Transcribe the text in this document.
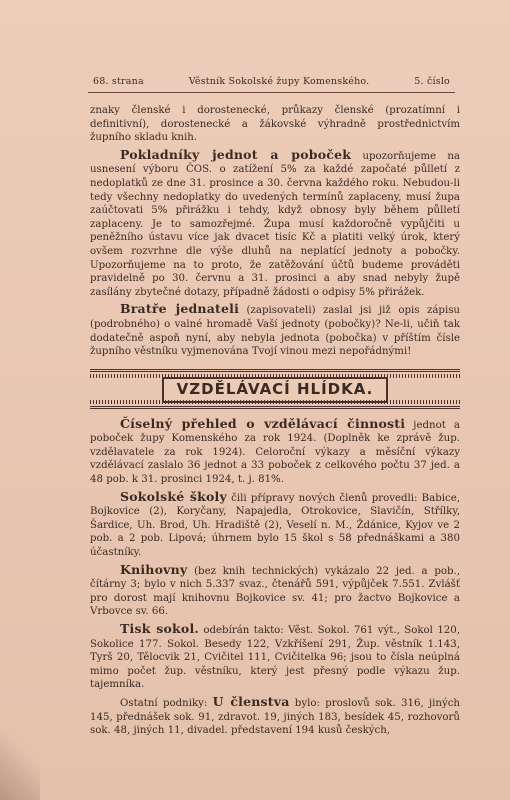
68. strana	Věstník Sokolské župy Komenského.	5. číslo

znaky členské i dorostenecké, průkazy členské (prozatímní i definitivní), dorostenecké a žákovské výhradně prostřednictvím župního skladu knih.

Pokladníky jednot a poboček upozorňujeme na usnesení výboru ČOS. o zatížení 5% za každé započaté půlletí z nedoplatků ze dne 31. prosince a 30. června každého roku. Nebudou-li tedy všechny nedoplatky do uvedených termínů zaplaceny, musí župa zaúčtovati 5% přirážku i tehdy, když obnosy byly během půlletí zaplaceny. Je to samozřejmé. Župa musí každoročně vypůjčiti u peněžního ústavu více jak dvacet tisíc Kč a platiti velký úrok, který ovšem rozvrhne dle výše dluhů na neplatící jednoty a pobočky. Upozorňujeme na to proto, že zatěžování účtů budeme prováděti pravidelně po 30. červnu a 31. prosinci a aby snad nebyly župě zasílány zbytečné dotazy, případně žádosti o odpisy 5% přirážek.

Bratře jednateli (zapisovateli) zaslal jsi již opis zápisu (podrobného) o valné hromadě Vaší jednoty (pobočky)? Ne-li, učiň tak dodatečně aspoň nyní, aby nebyla jednota (pobočka) v příštím čísle župního věstníku vyjmenována Tvojí vinou mezi nepořádnými!

VZDĚLÁVACÍ HLÍDKA.

Číselný přehled o vzdělávací činnosti jednot a poboček župy Komenského za rok 1924. (Doplněk ke zprávě žup. vzdělavatele za rok 1924). Celoroční výkazy a měsíční výkazy vzdělávací zaslalo 36 jednot a 33 poboček z celkového počtu 37 jed. a 48 pob. k 31. prosinci 1924, t. j. 81%.

Sokolské školy čili přípravy nových členů provedli: Babice, Bojkovice (2), Koryčany, Napajedla, Otrokovice, Slavičín, Střílky, Šardice, Uh. Brod, Uh. Hradiště (2), Veselí n. M., Ždánice, Kyjov ve 2 pob. a 2 pob. Lipová; úhrnem bylo 15 škol s 58 přednáškami a 380 účastníky.

Knihovny (bez knih technických) vykázalo 22 jed. a pob., čítárny 3; bylo v nich 5.337 svaz., čtenářů 591, výpůjček 7.551. Zvlášť pro dorost mají knihovnu Bojkovice sv. 41; pro žactvo Bojkovice a Vrbovce sv. 66.

Tisk sokol. odebírán takto: Věst. Sokol. 761 výt., Sokol 120, Sokolice 177. Sokol. Besedy 122, Vzkříšení 291, Žup. věstník 1.143, Tyrš 20, Tělocvik 21, Cvičitel 111, Cvičitelka 96; jsou to čísla neúplná mimo počet žup. věstníku, který jest přesný podle výkazu žup. tajemníka.

Ostatní podniky: U členstva bylo: proslovů sok. 316, jiných 145, přednášek sok. 91, zdravot. 19, jiných 183, besídek 45, rozhovorů sok. 48, jiných 11, divadel. představení 194 kusů českých,
